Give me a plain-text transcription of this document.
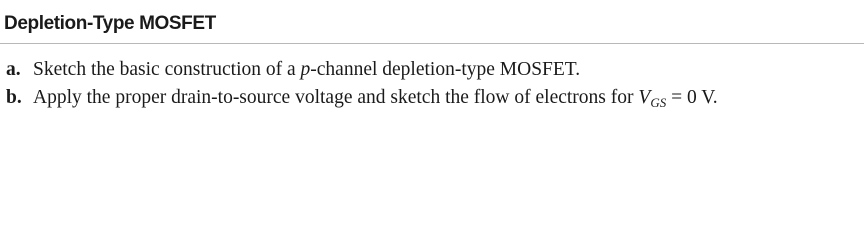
Depletion-Type MOSFET

a. Sketch the basic construction of a p-channel depletion-type MOSFET.

b. Apply the proper drain-to-source voltage and sketch the flow of electrons for $V_{GS} = 0$ V.
